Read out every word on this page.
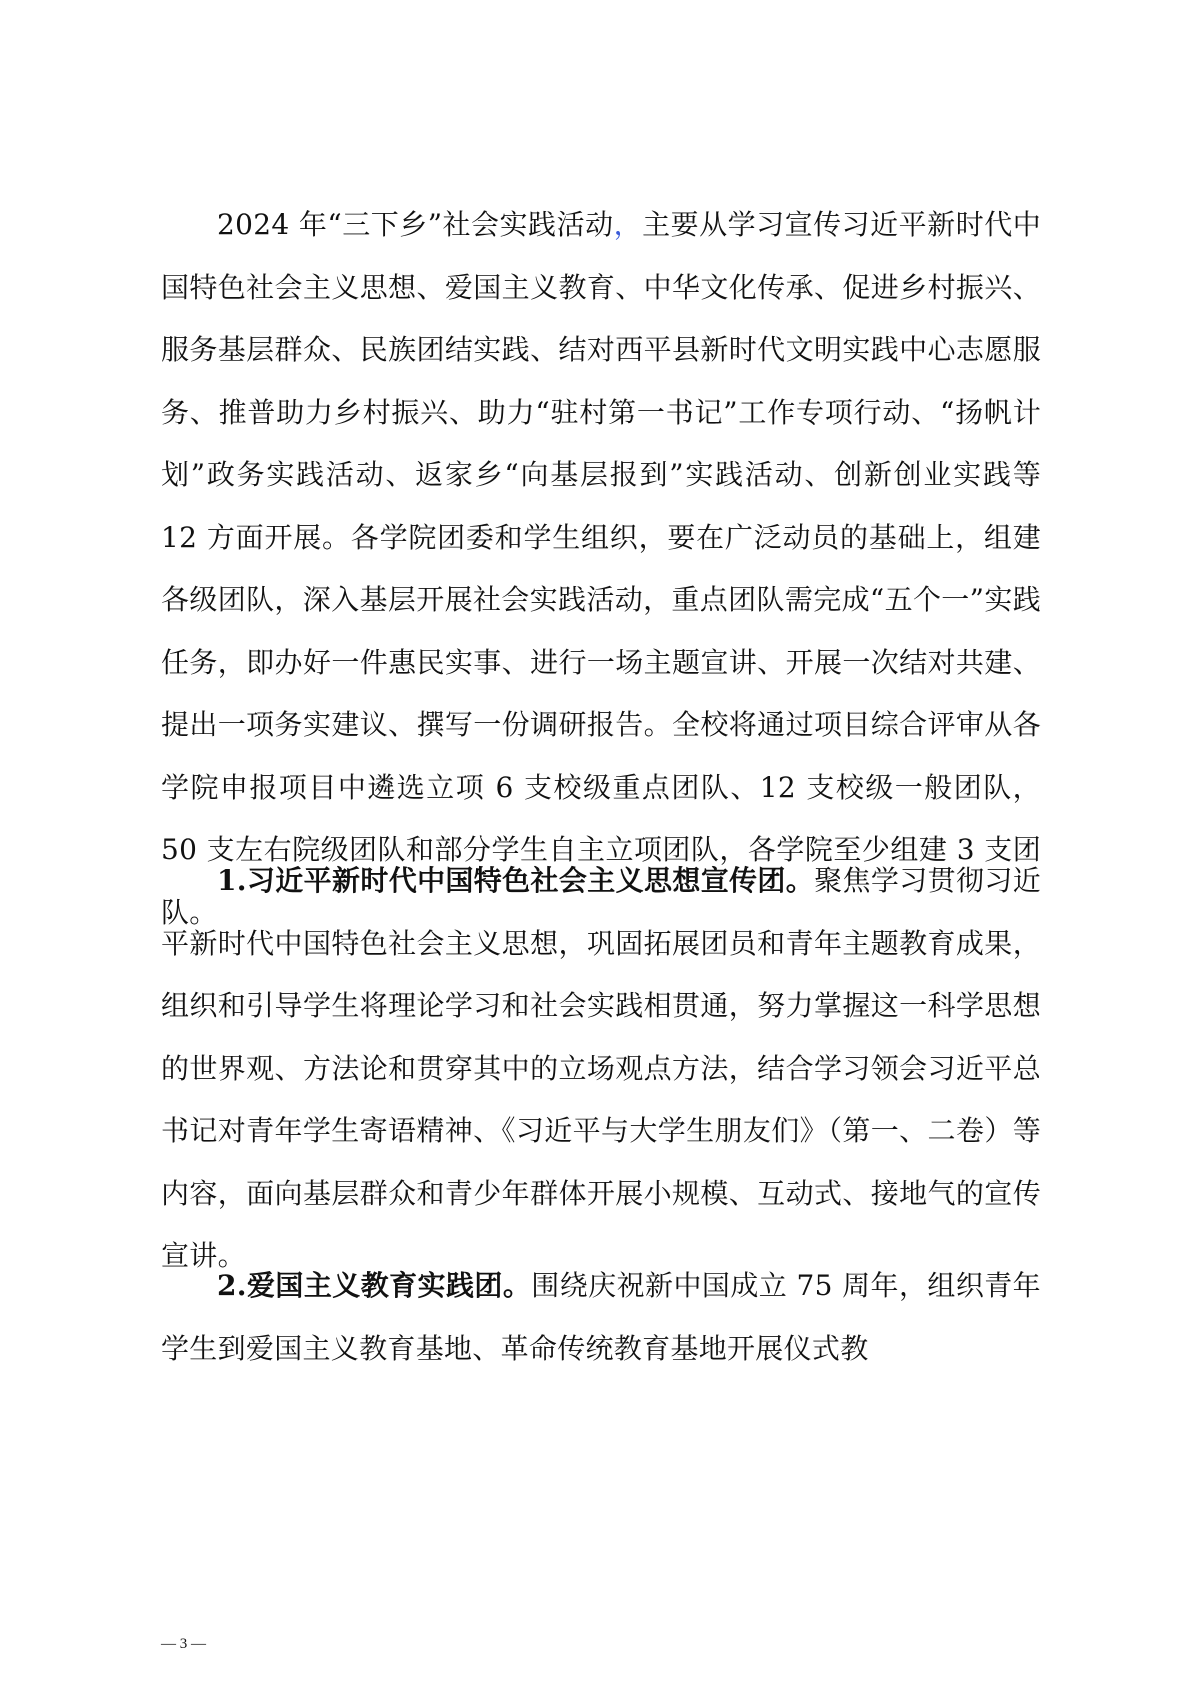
2024 年“三下乡”社会实践活动，主要从学习宣传习近平新时代中国特色社会主义思想、爱国主义教育、中华文化传承、促进乡村振兴、服务基层群众、民族团结实践、结对西平县新时代文明实践中心志愿服务、推普助力乡村振兴、助力“驻村第一书记”工作专项行动、“扬帆计划”政务实践活动、返家乡“向基层报到”实践活动、创新创业实践等 12 方面开展。各学院团委和学生组织，要在广泛动员的基础上，组建各级团队，深入基层开展社会实践活动，重点团队需完成“五个一”实践任务，即办好一件惠民实事、进行一场主题宣讲、开展一次结对共建、提出一项务实建议、撰写一份调研报告。全校将通过项目综合评审从各学院申报项目中遴选立项 6 支校级重点团队、12 支校级一般团队，50 支左右院级团队和部分学生自主立项团队，各学院至少组建 3 支团队。

1.习近平新时代中国特色社会主义思想宣传团。聚焦学习贯彻习近平新时代中国特色社会主义思想，巩固拓展团员和青年主题教育成果，组织和引导学生将理论学习和社会实践相贯通，努力掌握这一科学思想的世界观、方法论和贯穿其中的立场观点方法，结合学习领会习近平总书记对青年学生寄语精神、《习近平与大学生朋友们》（第一、二卷）等内容，面向基层群众和青少年群体开展小规模、互动式、接地气的宣传宣讲。

2.爱国主义教育实践团。围绕庆祝新中国成立 75 周年，组织青年学生到爱国主义教育基地、革命传统教育基地开展仪式教

— 3 —
